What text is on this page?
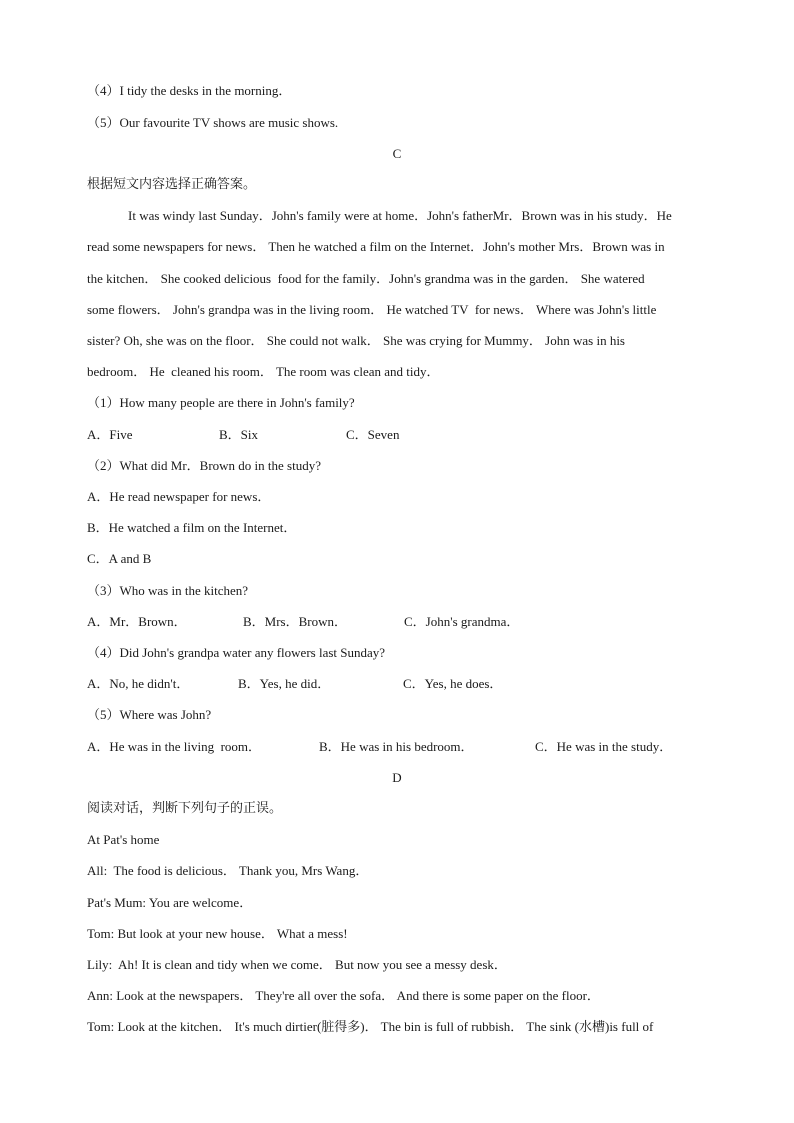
（4）I tidy the desks in the morning．
（5）Our favourite TV shows are music shows.
C
根据短文内容选择正确答案。
It was windy last Sunday．John's family were at home．John's fatherMr．Brown was in his study．He
read some newspapers for news． Then he watched a film on the Internet．John's mother Mrs．Brown was in
the kitchen． She cooked delicious  food for the family．John's grandma was in the garden． She watered
some flowers． John's grandpa was in the living room． He watched TV  for news． Where was John's little
sister? Oh, she was on the floor． She could not walk． She was crying for Mummy． John was in his
bedroom． He  cleaned his room． The room was clean and tidy．
（1）How many people are there in John's family?
A．Five	B．Six	C．Seven
（2）What did Mr．Brown do in the study?
A．He read newspaper for news．
B．He watched a film on the Internet．
C．A and B
（3）Who was in the kitchen?
A．Mr．Brown．	B．Mrs．Brown．	C．John's grandma．
（4）Did John's grandpa water any flowers last Sunday?
A．No, he didn't．	B．Yes, he did．	C．Yes, he does．
（5）Where was John?
A．He was in the living  room．	B．He was in his bedroom．	C．He was in the study．
D
阅读对话，判断下列句子的正误。
At Pat's home
All:  The food is delicious． Thank you, Mrs Wang．
Pat's Mum: You are welcome．
Tom: But look at your new house． What a mess!
Lily:  Ah! It is clean and tidy when we come． But now you see a messy desk．
Ann: Look at the newspapers． They're all over the sofa． And there is some paper on the floor．
Tom: Look at the kitchen． It's much dirtier(脏得多)． The bin is full of rubbish． The sink (水槽)is full of
